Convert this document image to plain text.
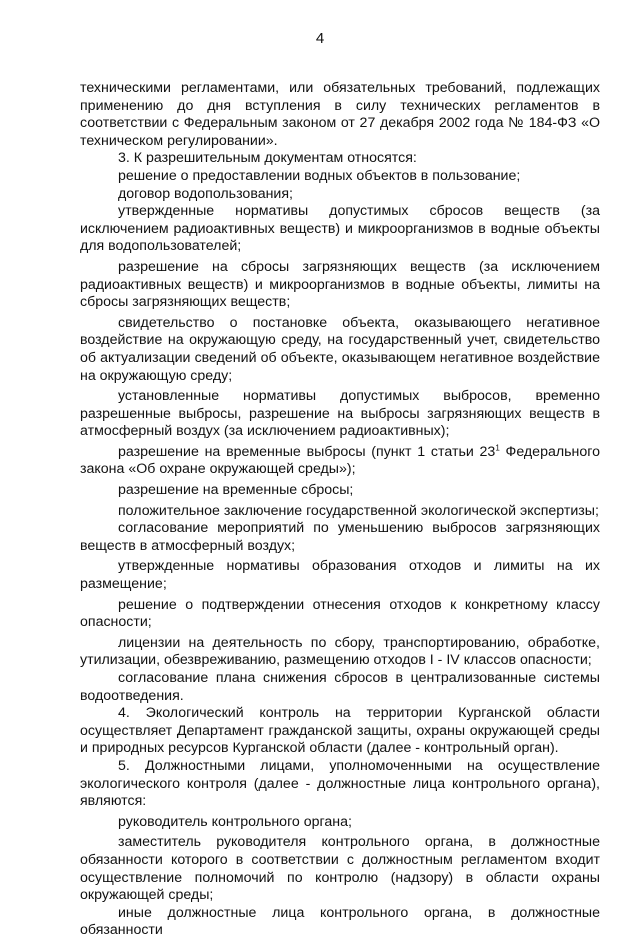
4

техническими регламентами, или обязательных требований, подлежащих применению до дня вступления в силу технических регламентов в соответствии с Федеральным законом от 27 декабря 2002 года № 184-ФЗ «О техническом регулировании».

3. К разрешительным документам относятся:

решение о предоставлении водных объектов в пользование;

договор водопользования;

утвержденные нормативы допустимых сбросов веществ (за исключением радиоактивных веществ) и микроорганизмов в водные объекты для водопользователей;

разрешение на сбросы загрязняющих веществ (за исключением радиоактивных веществ) и микроорганизмов в водные объекты, лимиты на сбросы загрязняющих веществ;

свидетельство о постановке объекта, оказывающего негативное воздействие на окружающую среду, на государственный учет, свидетельство об актуализации сведений об объекте, оказывающем негативное воздействие на окружающую среду;

установленные нормативы допустимых выбросов, временно разрешенные выбросы, разрешение на выбросы загрязняющих веществ в атмосферный воздух (за исключением радиоактивных);

разрешение на временные выбросы (пункт 1 статьи $23^1$ Федерального закона «Об охране окружающей среды»);

разрешение на временные сбросы;

положительное заключение государственной экологической экспертизы;

согласование мероприятий по уменьшению выбросов загрязняющих веществ в атмосферный воздух;

утвержденные нормативы образования отходов и лимиты на их размещение;

решение о подтверждении отнесения отходов к конкретному классу опасности;

лицензии на деятельность по сбору, транспортированию, обработке, утилизации, обезвреживанию, размещению отходов I - IV классов опасности;

согласование плана снижения сбросов в централизованные системы водоотведения.

4. Экологический контроль на территории Курганской области осуществляет Департамент гражданской защиты, охраны окружающей среды и природных ресурсов Курганской области (далее - контрольный орган).

5. Должностными лицами, уполномоченными на осуществление экологического контроля (далее - должностные лица контрольного органа), являются:

руководитель контрольного органа;

заместитель руководителя контрольного органа, в должностные обязанности которого в соответствии с должностным регламентом входит осуществление полномочий по контролю (надзору) в области охраны окружающей среды;

иные должностные лица контрольного органа, в должностные обязанности
